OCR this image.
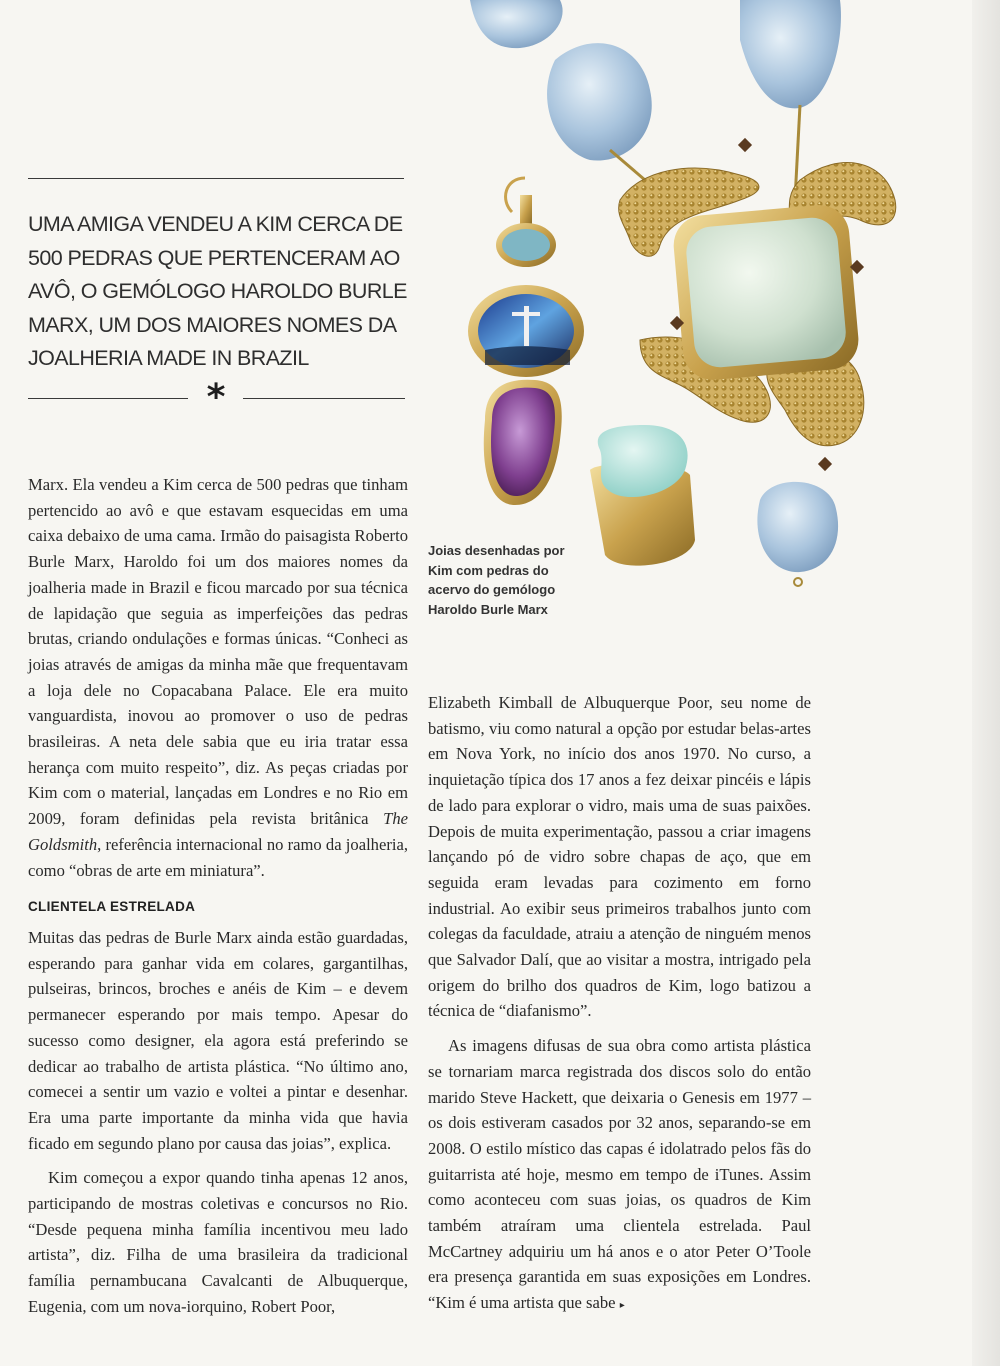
UMA AMIGA VENDEU A KIM CERCA DE
500 PEDRAS QUE PERTENCERAM AO
AVÔ, O GEMÓLOGO HAROLDO BURLE
MARX, UM DOS MAIORES NOMES DA
JOALHERIA MADE IN BRAZIL
*
Joias desenhadas por
Kim com pedras do
acervo do gemólogo
Haroldo Burle Marx

Marx. Ela vendeu a Kim cerca de 500 pedras que tinham pertencido ao avô e que estavam esquecidas em uma caixa debaixo de uma cama. Irmão do paisagista Roberto Burle Marx, Haroldo foi um dos maiores nomes da joalheria made in Brazil e ficou marcado por sua técnica de lapidação que seguia as imperfeições das pedras brutas, criando ondulações e formas únicas. “Conheci as joias através de amigas da minha mãe que frequentavam a loja dele no Copacabana Palace. Ele era muito vanguardista, inovou ao promover o uso de pedras brasileiras. A neta dele sabia que eu iria tratar essa herança com muito respeito”, diz. As peças criadas por Kim com o material, lançadas em Londres e no Rio em 2009, foram definidas pela revista britânica The Goldsmith, referência internacional no ramo da joalheria, como “obras de arte em miniatura”.

CLIENTELA ESTRELADA

Muitas das pedras de Burle Marx ainda estão guardadas, esperando para ganhar vida em colares, gargantilhas, pulseiras, brincos, broches e anéis de Kim – e devem permanecer esperando por mais tempo. Apesar do sucesso como designer, ela agora está preferindo se dedicar ao trabalho de artista plástica. “No último ano, comecei a sentir um vazio e voltei a pintar e desenhar. Era uma parte importante da minha vida que havia ficado em segundo plano por causa das joias”, explica.

Kim começou a expor quando tinha apenas 12 anos, participando de mostras coletivas e concursos no Rio. “Desde pequena minha família incentivou meu lado artista”, diz. Filha de uma brasileira da tradicional família pernambucana Cavalcanti de Albuquerque, Eugenia, com um nova-iorquino, Robert Poor,

Elizabeth Kimball de Albuquerque Poor, seu nome de batismo, viu como natural a opção por estudar belas-artes em Nova York, no início dos anos 1970. No curso, a inquietação típica dos 17 anos a fez deixar pincéis e lápis de lado para explorar o vidro, mais uma de suas paixões. Depois de muita experimentação, passou a criar imagens lançando pó de vidro sobre chapas de aço, que em seguida eram levadas para cozimento em forno industrial. Ao exibir seus primeiros trabalhos junto com colegas da faculdade, atraiu a atenção de ninguém menos que Salvador Dalí, que ao visitar a mostra, intrigado pela origem do brilho dos quadros de Kim, logo batizou a técnica de “diafanismo”.

As imagens difusas de sua obra como artista plástica se tornariam marca registrada dos discos solo do então marido Steve Hackett, que deixaria o Genesis em 1977 – os dois estiveram casados por 32 anos, separando-se em 2008. O estilo místico das capas é idolatrado pelos fãs do guitarrista até hoje, mesmo em tempo de iTunes. Assim como aconteceu com suas joias, os quadros de Kim também atraíram uma clientela estrelada. Paul McCartney adquiriu um há anos e o ator Peter O’Toole era presença garantida em suas exposições em Londres. “Kim é uma artista que sabe ▸
